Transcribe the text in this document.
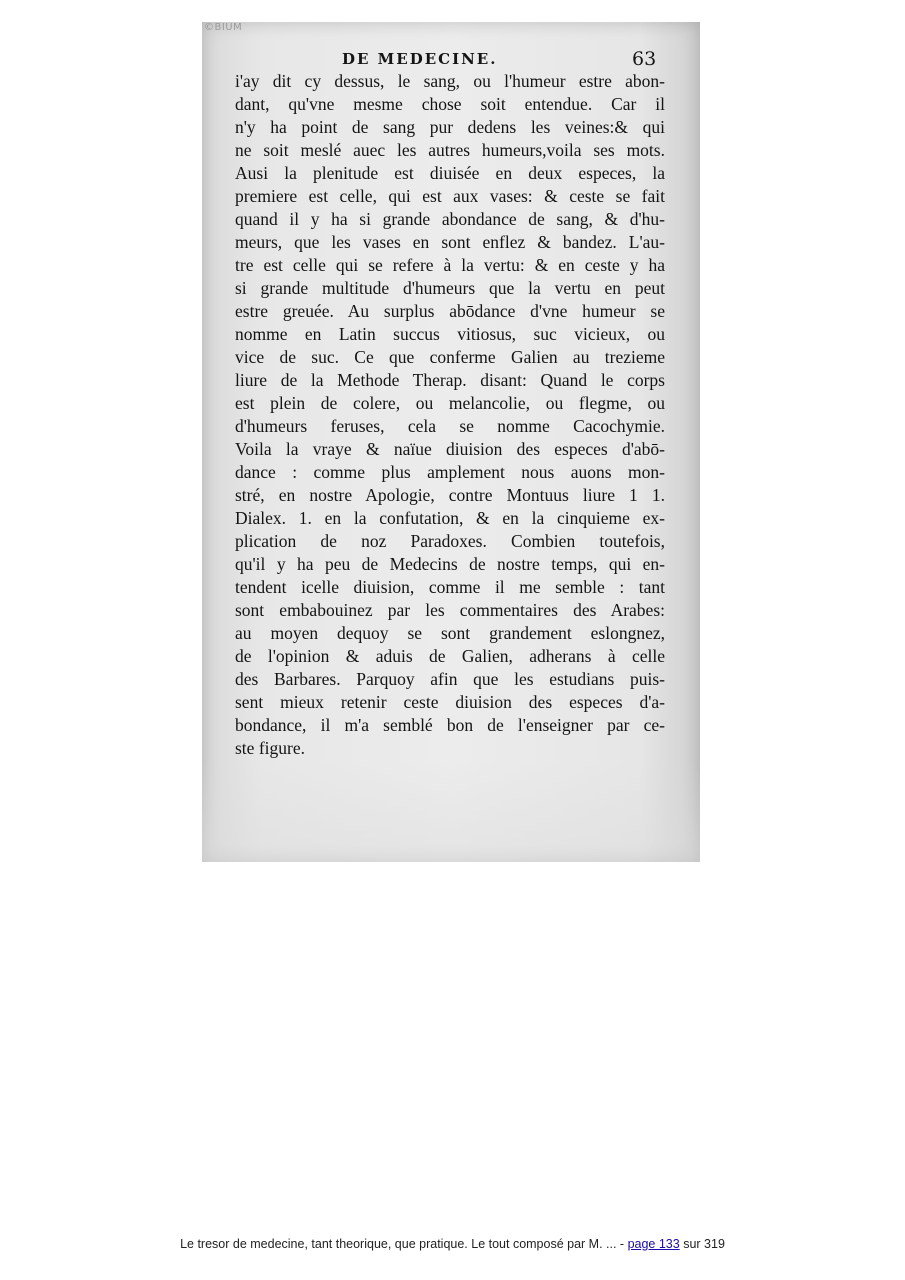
©BIUM
DE MEDECINE.	63
i'ay dit cy dessus, le sang, ou l'humeur estre abon-
dant, qu'vne mesme chose soit entendue. Car il
n'y ha point de sang pur dedens les veines:& qui
ne soit meslé auec les autres humeurs,voila ses mots.
Ausi la plenitude est diuisée en deux especes, la
premiere est celle, qui est aux vases: & ceste se fait
quand il y ha si grande abondance de sang, & d'hu-
meurs, que les vases en sont enflez & bandez. L'au-
tre est celle qui se refere à la vertu: & en ceste y ha
si grande multitude d'humeurs que la vertu en peut
estre greuée. Au surplus abōdance d'vne humeur se
nomme en Latin succus vitiosus, suc vicieux, ou
vice de suc. Ce que conferme Galien au trezieme
liure de la Methode Therap. disant: Quand le corps
est plein de colere, ou melancolie, ou flegme, ou
d'humeurs feruses, cela se nomme Cacochymie.
Voila la vraye & naïue diuision des especes d'abō-
dance : comme plus amplement nous auons mon-
stré, en nostre Apologie, contre Montuus liure 1 1.
Dialex. 1. en la confutation, & en la cinquieme ex-
plication de noz Paradoxes. Combien toutefois,
qu'il y ha peu de Medecins de nostre temps, qui en-
tendent icelle diuision, comme il me semble : tant
sont embabouinez par les commentaires des Arabes:
au moyen dequoy se sont grandement eslongnez,
de l'opinion & aduis de Galien, adherans à celle
des Barbares. Parquoy afin que les estudians puis-
sent mieux retenir ceste diuision des especes d'a-
bondance, il m'a semblé bon de l'enseigner par ce-
ste figure.
Le tresor de medecine, tant theorique, que pratique. Le tout composé par M. ... - page 133 sur 319
